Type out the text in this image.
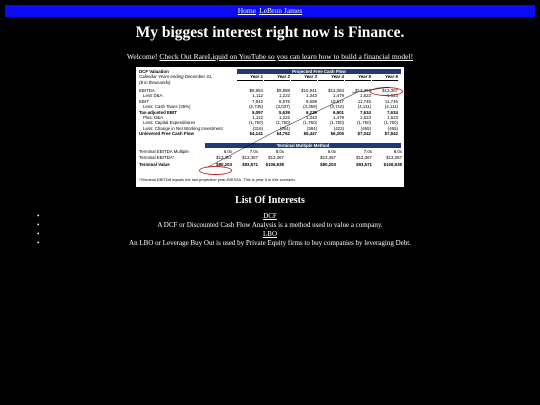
Home LeBron James
My biggest interest right now is Finance.
Welcome! Check Out RareLiquid on YouTube so you can learn how to build a financial model!
DCF Valuation	Projected Free Cash Flow
Calendar Years ending December 31,	Year 1	Year 2	Year 3	Year 4	Year 5	Year 6
($ in thousands)
EBITDA	$8,954	$9,888	$10,941	$12,083	$13,367	$13,367
Less D&A	1,112	1,222	1,343	1,479	1,623	1,623
EBIT	7,842	8,676	9,598	10,617	11,745	11,745
Less: Cash Taxes (35%)	(2,745)	(3,037)	(3,359)	(3,716)	(4,111)	(4,111)
Tax-adjusted EBIT	5,097	5,639	6,239	6,901	7,634	7,634
Plus: D&A	1,112	1,222	1,343	1,479	1,623	1,623
Less: Capital Expenditures	(1,750)	(1,750)	(1,750)	(1,750)	(1,750)	(1,750)
Less: Change in Net Working Investment	(316)	(364)	(384)	(423)	(465)	(465)
Unlevered Free Cash Flow	$4,141	$4,762	$5,447	$6,205	$7,042	$7,842
Terminal Multiple Method
Terminal EBITDA Multiple	6.0x	7.0x	8.0x	6.0x	7.0x	8.0x
Terminal EBITDA*	$13,367	$13,367	$13,367	$13,367	$13,367	$13,367
Terminal Value	$80,203	$93,571	$106,938	$80,203	$93,571	$106,938
*Terminal EBITDA equals the last projection year EBITDA. This is year 6 in this scenario.
List Of Interests
•	DCF
•	A DCF or Discounted Cash Flow Analysis is a method used to value a company.
•	LBO
•	An LBO or Leverage Buy Out is used by Private Equity firms to buy companies by leveraging Debt.
